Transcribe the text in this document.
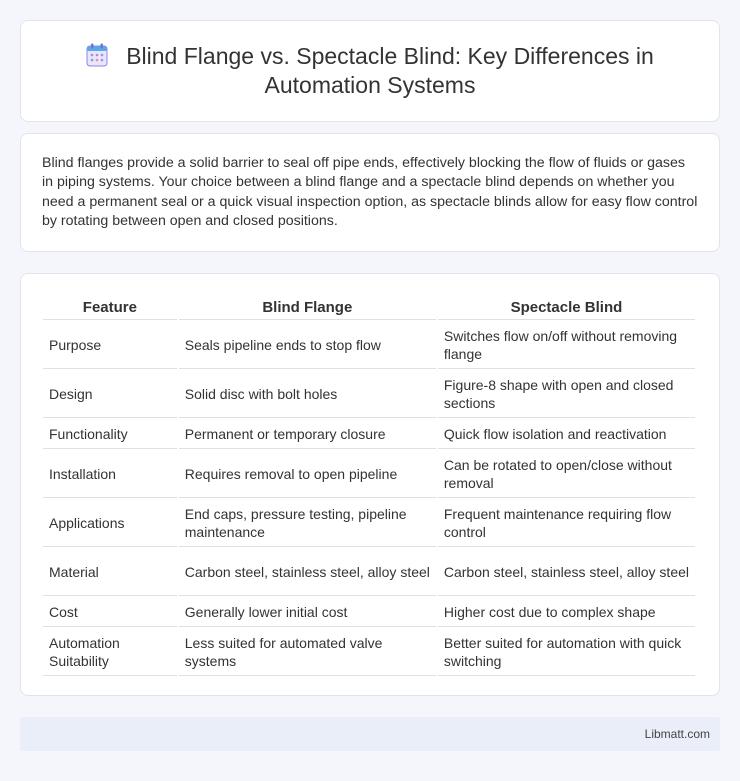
Blind Flange vs. Spectacle Blind: Key Differences in Automation Systems

Blind flanges provide a solid barrier to seal off pipe ends, effectively blocking the flow of fluids or gases in piping systems. Your choice between a blind flange and a spectacle blind depends on whether you need a permanent seal or a quick visual inspection option, as spectacle blinds allow for easy flow control by rotating between open and closed positions.

Feature	Blind Flange	Spectacle Blind
Purpose	Seals pipeline ends to stop flow	Switches flow on/off without removing flange
Design	Solid disc with bolt holes	Figure-8 shape with open and closed sections
Functionality	Permanent or temporary closure	Quick flow isolation and reactivation
Installation	Requires removal to open pipeline	Can be rotated to open/close without removal
Applications	End caps, pressure testing, pipeline maintenance	Frequent maintenance requiring flow control
Material	Carbon steel, stainless steel, alloy steel	Carbon steel, stainless steel, alloy steel
Cost	Generally lower initial cost	Higher cost due to complex shape
Automation Suitability	Less suited for automated valve systems	Better suited for automation with quick switching
Libmatt.com
